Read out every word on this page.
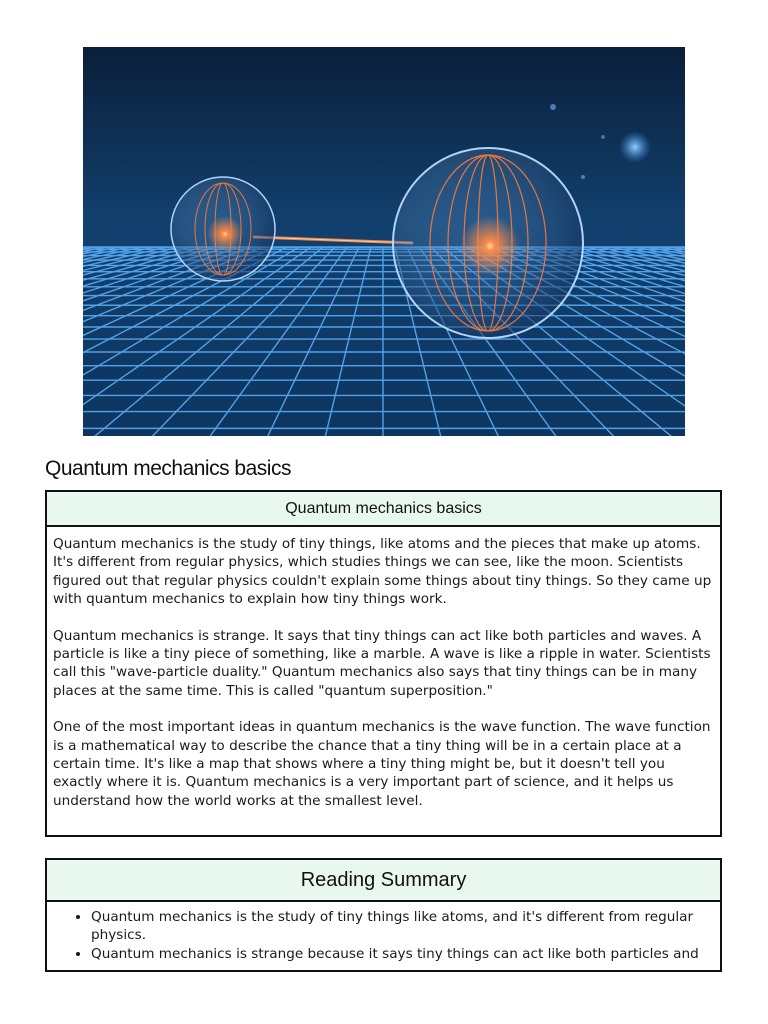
Quantum mechanics basics
Quantum mechanics basics

Quantum mechanics is the study of tiny things, like atoms and the pieces that make up atoms. It's different from regular physics, which studies things we can see, like the moon. Scientists figured out that regular physics couldn't explain some things about tiny things. So they came up with quantum mechanics to explain how tiny things work.

Quantum mechanics is strange. It says that tiny things can act like both particles and waves. A particle is like a tiny piece of something, like a marble. A wave is like a ripple in water. Scientists call this "wave-particle duality." Quantum mechanics also says that tiny things can be in many places at the same time. This is called "quantum superposition."

One of the most important ideas in quantum mechanics is the wave function. The wave function is a mathematical way to describe the chance that a tiny thing will be in a certain place at a certain time. It's like a map that shows where a tiny thing might be, but it doesn't tell you exactly where it is. Quantum mechanics is a very important part of science, and it helps us understand how the world works at the smallest level.

Reading Summary
• Quantum mechanics is the study of tiny things like atoms, and it's different from regular physics.
• Quantum mechanics is strange because it says tiny things can act like both particles and
